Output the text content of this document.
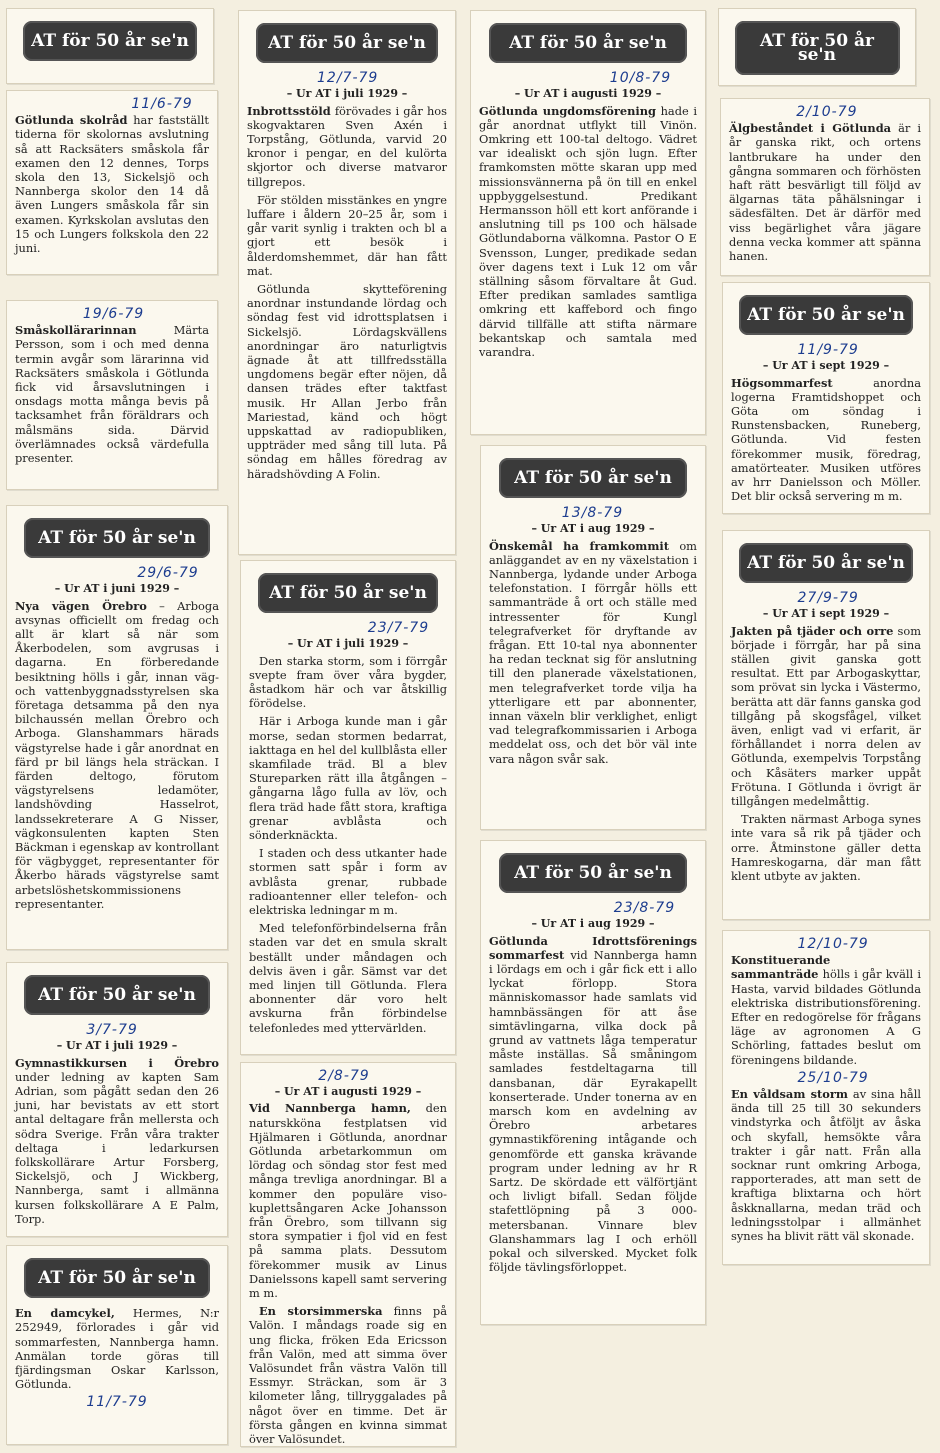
AT för 50 år se'n
11/6-79

Götlunda skolråd har fastställt tiderna för skolornas avslutning så att Racksäters småskola får examen den 12 dennes, Torps skola den 13, Sickelsjö och Nannberga skolor den 14 då även Lungers småskola får sin examen. Kyrkskolan avslutas den 15 och Lungers folkskola den 22 juni.

19/6-79

Småskollärarinnan	Märta Persson, som i och med denna termin avgår som lärarinna vid Racksäters småskola i Götlunda fick vid årsavslutningen i onsdags motta många bevis på tacksamhet från föräldrars och målsmäns sida. Därvid överlämnades också värdefulla presenter.

AT för 50 år se'n
29/6-79
– Ur AT i juni 1929 –

Nya vägen Örebro – Arboga avsynas officiellt om fredag och allt är klart så när som Åkerbodelen, som avgrusas i dagarna. En förberedande besiktning hölls i går, innan väg- och vattenbyggnadsstyrelsen ska företaga detsamma på den nya bilchaussén mellan Örebro och Arboga. Glanshammars härads vägstyrelse hade i går anordnat en färd pr bil längs hela sträckan. I färden deltogo, förutom vägstyrelsens ledamöter, landshövding Hasselrot, landssekreterare A G Nisser, vägkonsulenten kapten Sten Bäckman i egenskap av kontrollant för vägbygget, representanter för Åkerbo härads vägstyrelse samt arbetslöshetskommissionens representanter.

AT för 50 år se'n
3/7-79
– Ur AT i juli 1929 –

Gymnastikkursen i Örebro under ledning av kapten Sam Adrian, som pågått sedan den 26 juni, har bevistats av ett stort antal deltagare från mellersta och södra Sverige. Från våra trakter deltaga i ledarkursen folkskollärare Artur Forsberg, Sickelsjö, och J Wickberg, Nannberga, samt i allmänna kursen folkskollärare A E Palm, Torp.

AT för 50 år se'n

En damcykel, Hermes, N:r 252949, förlorades i går vid sommarfesten, Nannberga hamn. Anmälan torde göras till fjärdingsman Oskar Karlsson, Götlunda.

11/7-79
AT för 50 år se'n
12/7-79
– Ur AT i juli 1929 –

Inbrottsstöld förövades i går hos skogvaktaren Sven Axén i Torpstång, Götlunda, varvid 20 kronor i pengar, en del kulörta skjortor och diverse matvaror tillgrepos.

För stölden misstänkes en yngre luffare i åldern 20–25 år, som i går varit synlig i trakten och bl a gjort ett besök i ålderdomshemmet, där han fått mat.

Götlunda skytteförening anordnar instundande lördag och söndag fest vid idrottsplatsen i Sickelsjö. Lördagskvällens anordningar äro naturligtvis ägnade åt att tillfredsställa ungdomens begär efter nöjen, då dansen trädes efter taktfast musik. Hr Allan Jerbo från Mariestad, känd och högt uppskattad av radiopubliken, uppträder med sång till luta. På söndag em hålles föredrag av häradshövding A Folin.

AT för 50 år se'n
23/7-79
– Ur AT i juli 1929 –

Den starka storm, som i förrgår svepte fram över våra bygder, åstadkom här och var åtskillig förödelse.

Här i Arboga kunde man i går morse, sedan stormen bedarrat, iakttaga en hel del kullblåsta eller skamfilade träd. Bl a blev Stureparken rätt illa åtgången – gångarna lågo fulla av löv, och flera träd hade fått stora, kraftiga grenar avblåsta och sönderknäckta.

I staden och dess utkanter hade stormen satt spår i form av avblåsta grenar, rubbade radioantenner eller telefon- och elektriska ledningar m m.

Med telefonförbindelserna från staden var det en smula skralt beställt under måndagen och delvis även i går. Sämst var det med linjen till Götlunda. Flera abonnenter där voro helt avskurna från förbindelse telefonledes med yttervärlden.

2/8-79
– Ur AT i augusti 1929 –

Vid Nannberga hamn, den naturskköna festplatsen vid Hjälmaren i Götlunda, anordnar Götlunda arbetarkommun om lördag och söndag stor fest med många trevliga anordningar. Bl a kommer den populäre viso- kuplettsångaren Acke Johansson från Örebro, som tillvann sig stora sympatier i fjol vid en fest på samma plats. Dessutom förekommer musik av Linus Danielssons kapell samt servering m m.

En storsimmerska finns på Valön. I måndags roade sig en ung flicka, fröken Eda Ericsson från Valön, med att simma över Valösundet från västra Valön till Essmyr. Sträckan, som är 3 kilometer lång, tillryggalades på något över en timme. Det är första gången en kvinna simmat över Valösundet.

AT för 50 år se'n
10/8-79
– Ur AT i augusti 1929 –

Götlunda ungdomsförening hade i går anordnat utflykt till Vinön. Omkring ett 100-tal deltogo. Vädret var idealiskt och sjön lugn. Efter framkomsten mötte skaran upp med missionsvännerna på ön till en enkel uppbyggelsestund. Predikant Hermansson höll ett kort anförande i anslutning till ps 100 och hälsade Götlundaborna välkomna. Pastor O E Svensson, Lunger, predikade sedan över dagens text i Luk 12 om vår ställning såsom förvaltare åt Gud. Efter predikan samlades samtliga omkring ett kaffebord och fingo därvid tillfälle att stifta närmare bekantskap och samtala med varandra.

AT för 50 år se'n
13/8-79
– Ur AT i aug 1929 –

Önskemål ha framkommit om anläggandet av en ny växelstation i Nannberga, lydande under Arboga telefonstation. I förrgår hölls ett sammanträde å ort och ställe med intressenter för Kungl telegrafverket för dryftande av frågan. Ett 10-tal nya abonnenter ha redan tecknat sig för anslutning till den planerade växelstationen, men telegrafverket torde vilja ha ytterligare ett par abonnenter, innan växeln blir verklighet, enligt vad telegrafkommissarien i Arboga meddelat oss, och det bör väl inte vara någon svår sak.

AT för 50 år se'n
23/8-79
– Ur AT i aug 1929 –

Götlunda Idrottsförenings sommarfest vid Nannberga hamn i lördags em och i går fick ett i allo lyckat förlopp. Stora människomassor hade samlats vid hamnbässängen för att åse simtävlingarna, vilka dock på grund av vattnets låga temperatur måste inställas. Så småningom samlades festdeltagarna till dansbanan, där Eyrakapellt konserterade. Under tonerna av en marsch kom en avdelning av Örebro arbetares gymnastikförening intågande och genomförde ett ganska krävande program under ledning av hr R Sartz. De skördade ett välförtjänt och livligt bifall. Sedan följde stafettlöpning på 3 000-metersbanan. Vinnare blev Glanshammars lag I och erhöll pokal och silversked. Mycket folk följde tävlingsförloppet.

AT för 50 år se'n
2/10-79

Älgbeståndet i Götlunda är i år ganska rikt, och ortens lantbrukare ha under den gångna sommaren och förhösten haft rätt besvärligt till följd av älgarnas täta påhälsningar i sädesfälten. Det är därför med viss begärlighet våra jägare denna vecka kommer att spänna hanen.

AT för 50 år se'n
11/9-79
– Ur AT i sept 1929 –

Högsommarfest	anordna logerna Framtidshoppet och Göta om söndag i Runstensbacken, Runeberg, Götlunda. Vid festen förekommer musik, föredrag, amatörteater. Musiken utföres av hrr Danielsson och Möller. Det blir också servering m m.

AT för 50 år se'n
27/9-79
– Ur AT i sept 1929 –

Jakten på tjäder och orre som började i förrgår, har på sina ställen givit ganska gott resultat. Ett par Arbogaskyttar, som prövat sin lycka i Västermo, berätta att där fanns ganska god tillgång på skogsfågel, vilket även, enligt vad vi erfarit, är förhållandet i norra delen av Götlunda, exempelvis Torpstång och Kåsäters marker uppåt Frötuna. I Götlunda i övrigt är tillgången medelmåttig.

Trakten närmast Arboga synes inte vara så rik på tjäder och orre. Åtminstone gäller detta Hamreskogarna, där man fått klent utbyte av jakten.

12/10-79

Konstituerande sammanträde hölls i går kväll i Hasta, varvid bildades Götlunda elektriska distributionsförening. Efter en redogörelse för frågans läge av agronomen A G Schörling, fattades beslut om föreningens bildande.

25/10-79

En våldsam storm av sina håll ända till 25 till 30 sekunders vindstyrka och åtföljt av åska och skyfall, hemsökte våra trakter i går natt. Från alla socknar runt omkring Arboga, rapporterades, att man sett de kraftiga blixtarna och hört åskknallarna, medan träd och ledningsstolpar i allmänhet synes ha blivit rätt väl skonade.
